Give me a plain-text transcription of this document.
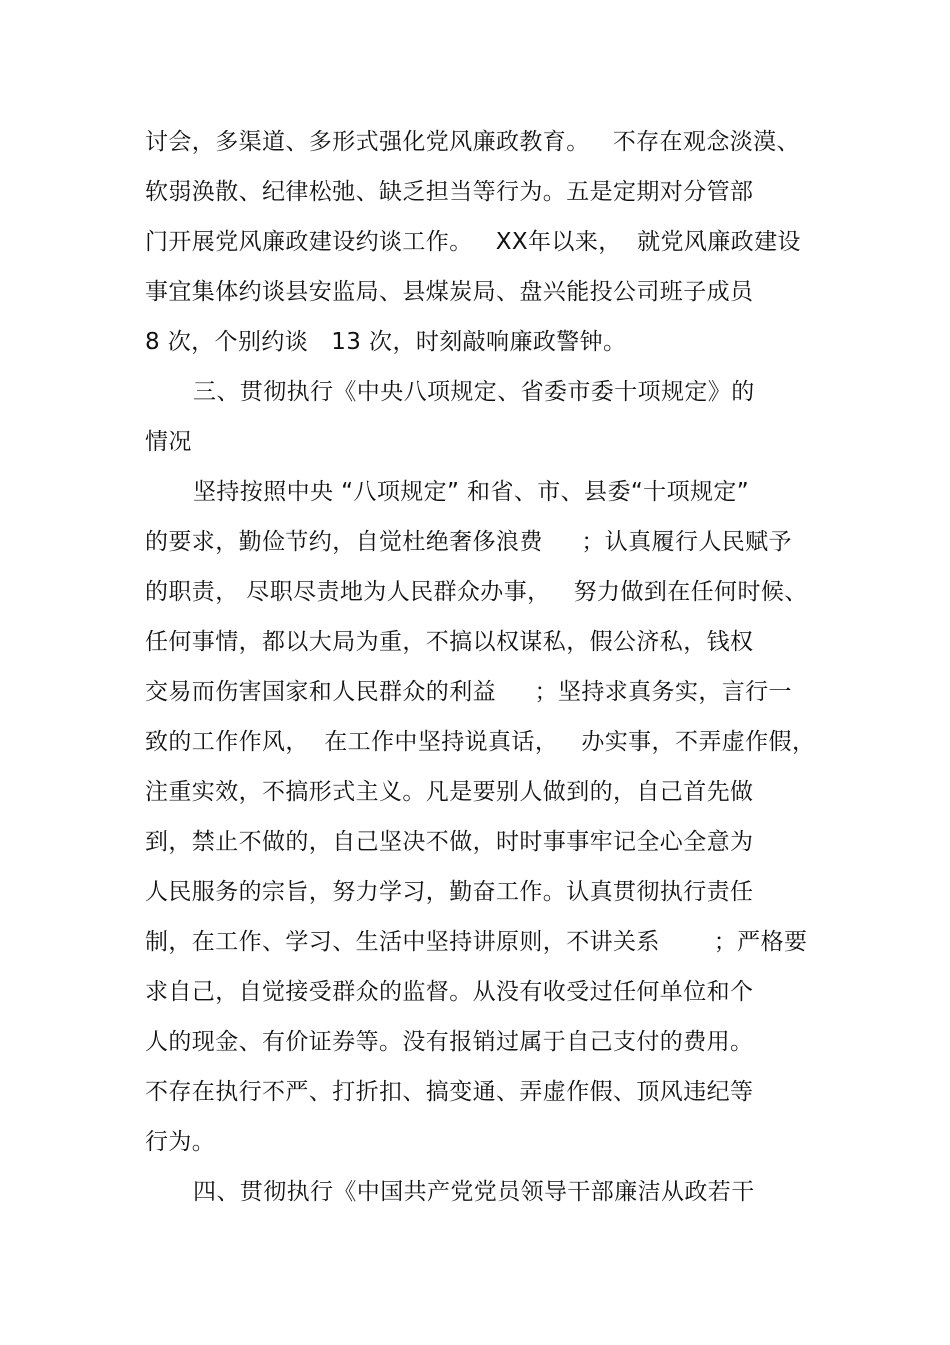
讨会，多渠道、多形式强化党风廉政教育。   不存在观念淡漠、
软弱涣散、纪律松弛、缺乏担当等行为。五是定期对分管部
门开展党风廉政建设约谈工作。   XX年以来，  就党风廉政建设
事宜集体约谈县安监局、县煤炭局、盘兴能投公司班子成员
8 次，个别约谈   13 次，时刻敲响廉政警钟。
三、贯彻执行《中央八项规定、省委市委十项规定》的
情况
坚持按照中央 “八项规定” 和省、市、县委“十项规定”
的要求，勤俭节约，自觉杜绝奢侈浪费     ；认真履行人民赋予
的职责， 尽职尽责地为人民群众办事，   努力做到在任何时候、
任何事情，都以大局为重，不搞以权谋私，假公济私，钱权
交易而伤害国家和人民群众的利益     ；坚持求真务实，言行一
致的工作作风，  在工作中坚持说真话，   办实事，不弄虚作假，
注重实效，不搞形式主义。凡是要别人做到的，自己首先做
到，禁止不做的，自己坚决不做，时时事事牢记全心全意为
人民服务的宗旨，努力学习，勤奋工作。认真贯彻执行责任
制，在工作、学习、生活中坚持讲原则，不讲关系       ；严格要
求自己，自觉接受群众的监督。从没有收受过任何单位和个
人的现金、有价证券等。没有报销过属于自己支付的费用。
不存在执行不严、打折扣、搞变通、弄虚作假、顶风违纪等
行为。
四、贯彻执行《中国共产党党员领导干部廉洁从政若干
